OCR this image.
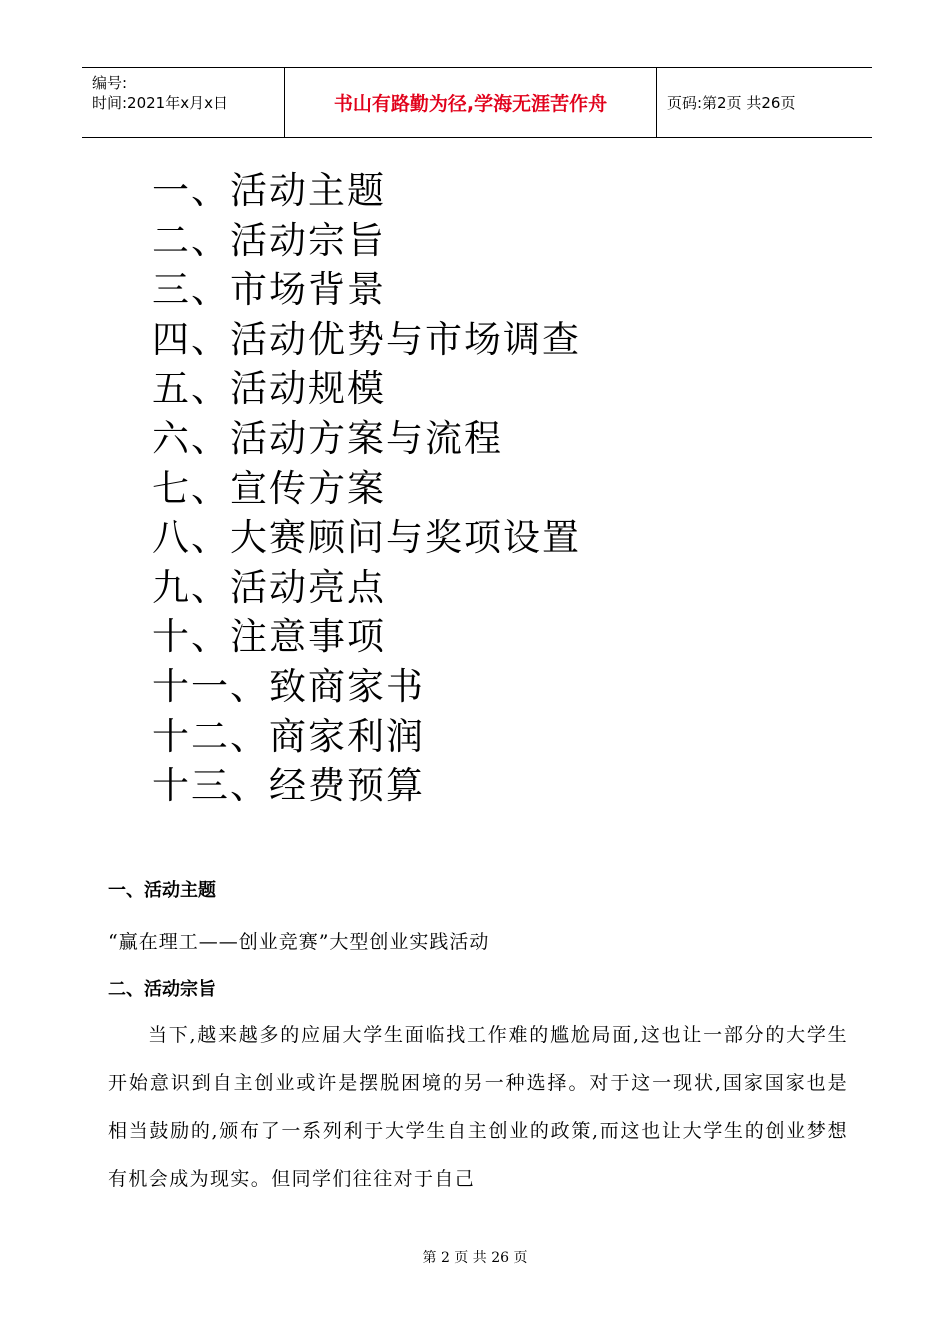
编号:
时间:2021年x月x日	书山有路勤为径,学海无涯苦作舟	页码:第2页 共26页
一、活动主题
二、活动宗旨
三、市场背景
四、活动优势与市场调查
五、活动规模
六、活动方案与流程
七、宣传方案
八、大赛顾问与奖项设置
九、活动亮点
十、注意事项
十一、致商家书
十二、商家利润
十三、经费预算
一、活动主题
“赢在理工——创业竞赛”大型创业实践活动
二、活动宗旨

当下,越来越多的应届大学生面临找工作难的尴尬局面,这也让一部分的大学生开始意识到自主创业或许是摆脱困境的另一种选择。对于这一现状,国家国家也是相当鼓励的,颁布了一系列利于大学生自主创业的政策,而这也让大学生的创业梦想有机会成为现实。但同学们往往对于自己

第 2 页 共 26 页
